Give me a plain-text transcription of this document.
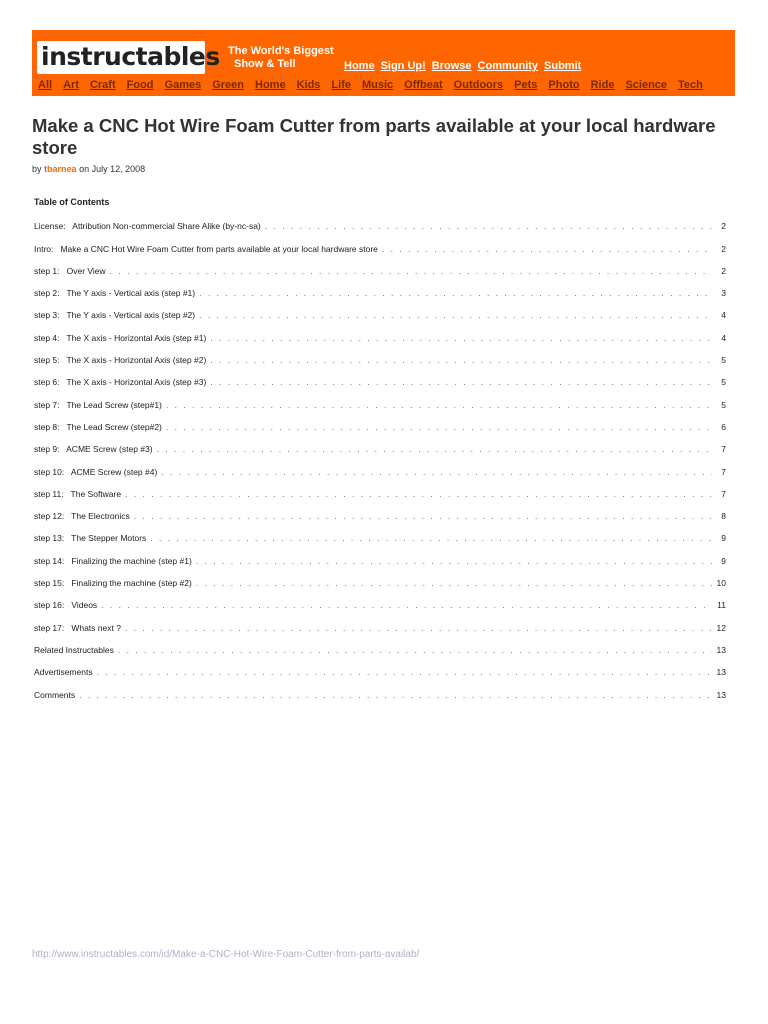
instructables The World's Biggest
Show & Tell	Home Sign Up! Browse Community Submit
All Art Craft Food Games Green Home Kids Life Music Offbeat Outdoors Pets Photo Ride Science Tech
Make a CNC Hot Wire Foam Cutter from parts available at your local hardware store
by tbarnea on July 12, 2008
Table of Contents
License:   Attribution Non-commercial Share Alike (by-nc-sa) . . .	2
Intro:   Make a CNC Hot Wire Foam Cutter from parts available at your local hardware store . . .	2
step 1:   Over View . . .	2
step 2:   The Y axis - Vertical axis (step #1) . . .	3
step 3:   The Y axis - Vertical axis (step #2) . . .	4
step 4:   The X axis - Horizontal Axis (step #1) . . .	4
step 5:   The X axis - Horizontal Axis (step #2) . . .	5
step 6:   The X axis - Horizontal Axis (step #3) . . .	5
step 7:   The Lead Screw (step#1) . . .	5
step 8:   The Lead Screw (step#2) . . .	6
step 9:   ACME Screw (step #3) . . .	7
step 10:   ACME Screw (step #4) . . .	7
step 11:   The Software . . .	7
step 12:   The Electronics . . .	8
step 13:   The Stepper Motors . . .	9
step 14:   Finalizing the machine (step #1) . . .	9
step 15:   Finalizing the machine (step #2) . . .	10
step 16:   Videos . . .	11
step 17:   Whats next ? . . .	12
Related Instructables . . .	13
Advertisements . . .	13
Comments . . .	13
http://www.instructables.com/id/Make-a-CNC-Hot-Wire-Foam-Cutter-from-parts-availab/
